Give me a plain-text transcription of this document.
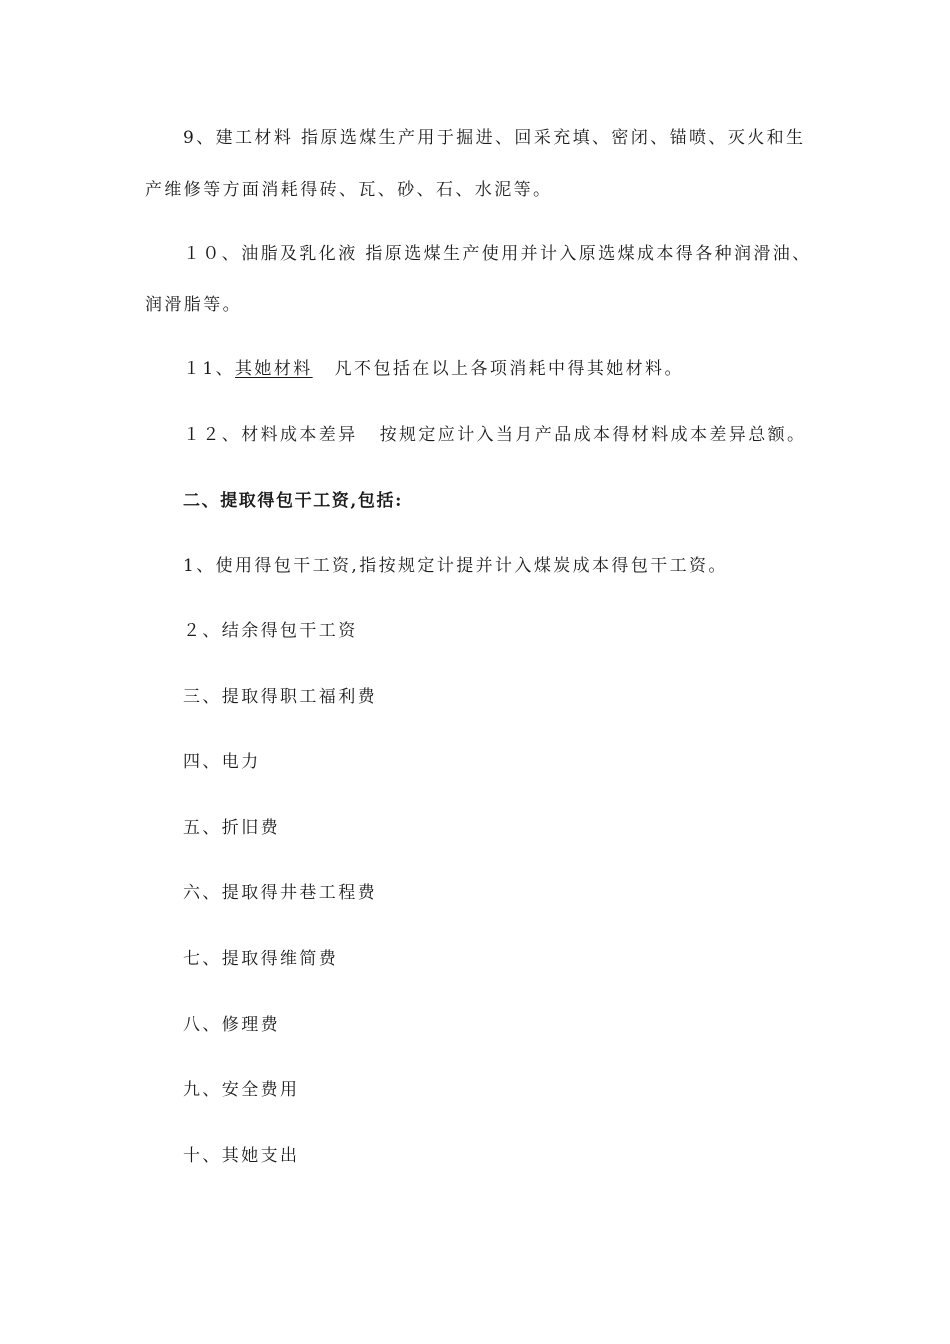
9、建工材料 指原选煤生产用于掘进、回采充填、密闭、锚喷、灭火和生
产维修等方面消耗得砖、瓦、砂、石、水泥等。
１０、油脂及乳化液 指原选煤生产使用并计入原选煤成本得各种润滑油、
润滑脂等。
１1、其她材料 凡不包括在以上各项消耗中得其她材料。
１２、材料成本差异 按规定应计入当月产品成本得材料成本差异总额。
二、提取得包干工资,包括:
1、使用得包干工资,指按规定计提并计入煤炭成本得包干工资。
２、结余得包干工资
三、提取得职工福利费
四、电力
五、折旧费
六、提取得井巷工程费
七、提取得维简费
八、修理费
九、安全费用
十、其她支出
